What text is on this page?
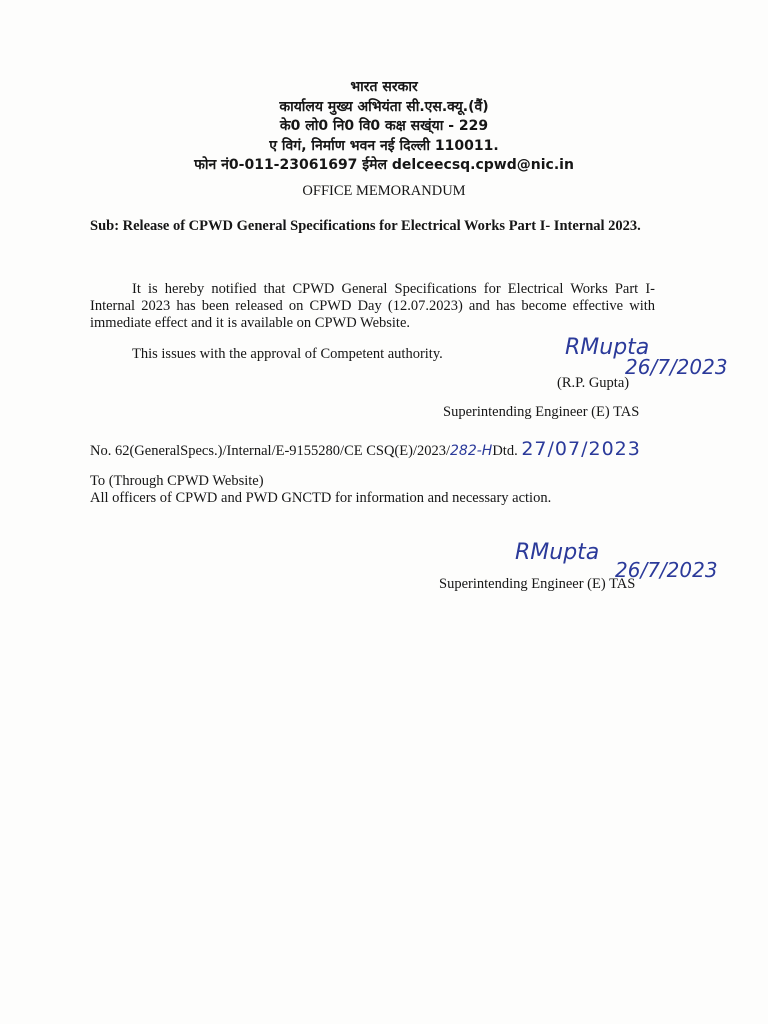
भारत सरकार
कार्यालय मुख्य अभियंता सी.एस.क्यू.(वैं)
के0 लो0 नि0 वि0 कक्ष सख्ंया - 229
ए विगं, निर्माण भवन नई दिल्ली 110011.
फोन नं0-011-23061697 ईमेल delceecsq.cpwd@nic.in
OFFICE MEMORANDUM
Sub: Release of CPWD General Specifications for Electrical Works Part I- Internal 2023.
It is hereby notified that CPWD General Specifications for Electrical Works Part I-Internal 2023 has been released on CPWD Day (12.07.2023) and has become effective with immediate effect and it is available on CPWD Website.
This issues with the approval of Competent authority.	RMupta
26/7/2023
(R.P. Gupta)
Superintending Engineer (E) TAS
No. 62(GeneralSpecs.)/Internal/E-9155280/CE CSQ(E)/2023/282-HDtd. 27/07/2023
To (Through CPWD Website)
All officers of CPWD and PWD GNCTD for information and necessary action.
RMupta
26/7/2023
Superintending Engineer (E) TAS
